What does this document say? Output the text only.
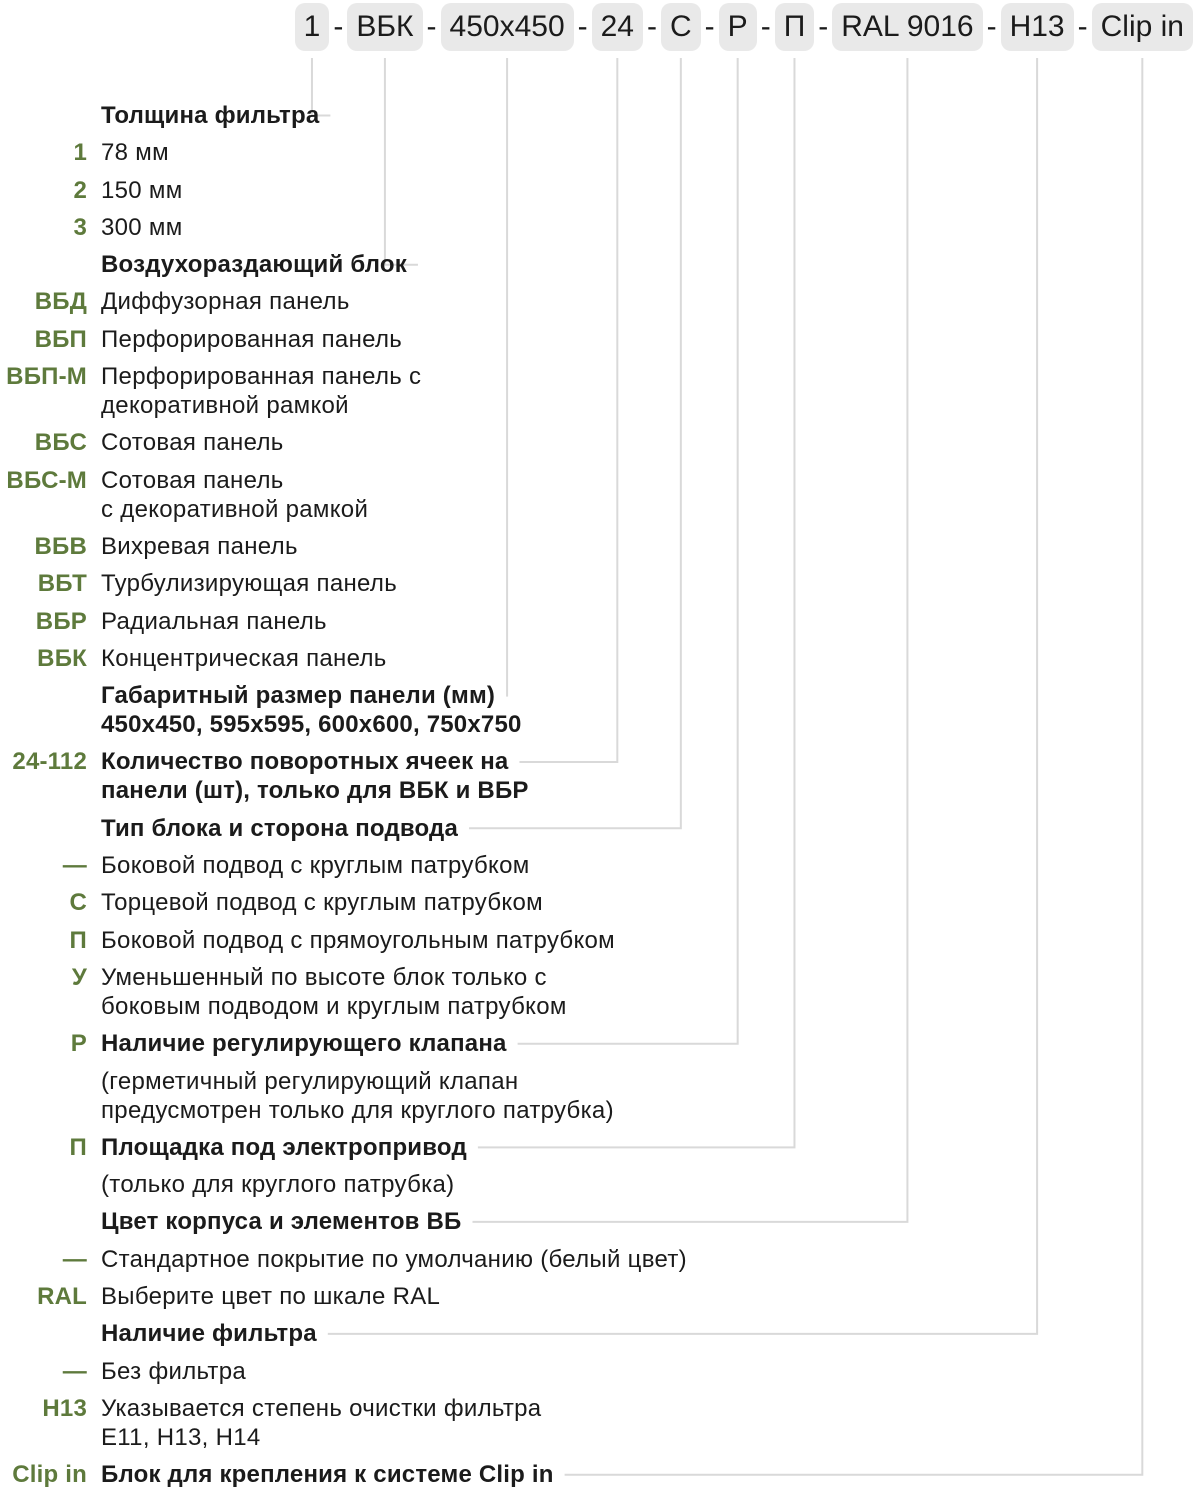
1 - ВБК - 450x450 - 24 - С - Р - П - RAL 9016 - H13 - Clip in
Толщина фильтра
1 78 мм
2 150 мм
3 300 мм
Воздухораздающий блок
ВБД Диффузорная панель
ВБП Перфорированная панель
ВБП-М Перфорированная панель с
декоративной рамкой
ВБС Сотовая панель
ВБС-М Сотовая панель
с декоративной рамкой
ВБВ Вихревая панель
ВБТ Турбулизирующая панель
ВБР Радиальная панель
ВБК Концентрическая панель
Габаритный размер панели (мм)
450x450, 595x595, 600x600, 750x750
24-112 Количество поворотных ячеек на
панели (шт), только для ВБК и ВБР
Тип блока и сторона подвода
— Боковой подвод с круглым патрубком
С Торцевой подвод с круглым патрубком
П Боковой подвод с прямоугольным патрубком
У Уменьшенный по высоте блок только с
боковым подводом и круглым патрубком
Р Наличие регулирующего клапана
(герметичный регулирующий клапан
предусмотрен только для круглого патрубка)
П Площадка под электропривод
(только для круглого патрубка)
Цвет корпуса и элементов ВБ
— Стандартное покрытие по умолчанию (белый цвет)
RAL Выберите цвет по шкале RAL
Наличие фильтра
— Без фильтра
H13 Указывается степень очистки фильтра
E11, H13, H14
Clip in Блок для крепления к системе Clip in
